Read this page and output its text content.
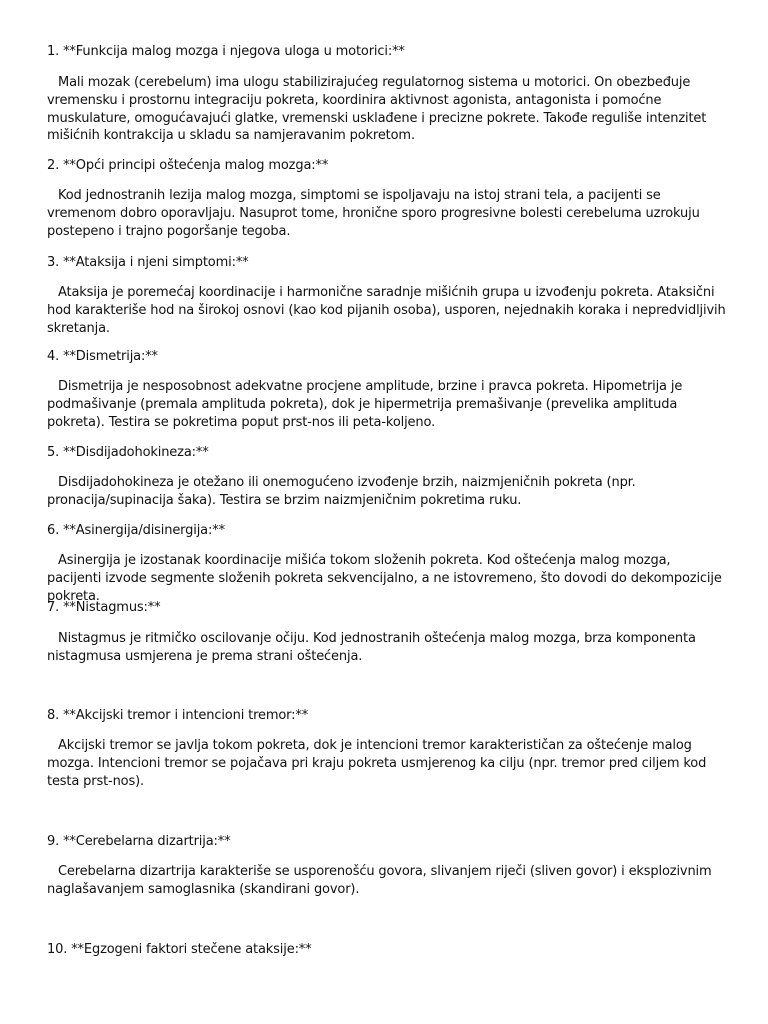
1. **Funkcija malog mozga i njegova uloga u motorici:**

Mali mozak (cerebelum) ima ulogu stabilizirajućeg regulatornog sistema u motorici. On obezbeđuje vremensku i prostornu integraciju pokreta, koordinira aktivnost agonista, antagonista i pomoćne muskulature, omogućavajući glatke, vremenski usklađene i precizne pokrete. Takođe reguliše intenzitet mišićnih kontrakcija u skladu sa namjeravanim pokretom.

2. **Opći principi oštećenja malog mozga:**

Kod jednostranih lezija malog mozga, simptomi se ispoljavaju na istoj strani tela, a pacijenti se vremenom dobro oporavljaju. Nasuprot tome, hronične sporo progresivne bolesti cerebeluma uzrokuju postepeno i trajno pogoršanje tegoba.

3. **Ataksija i njeni simptomi:**

Ataksija je poremećaj koordinacije i harmonične saradnje mišićnih grupa u izvođenju pokreta. Ataksični hod karakteriše hod na širokoj osnovi (kao kod pijanih osoba), usporen, nejednakih koraka i nepredvidljivih skretanja.

4. **Dismetrija:**

Dismetrija je nesposobnost adekvatne procjene amplitude, brzine i pravca pokreta. Hipometrija je podmašivanje (premala amplituda pokreta), dok je hipermetrija premašivanje (prevelika amplituda pokreta). Testira se pokretima poput prst-nos ili peta-koljeno.

5. **Disdijadohokineza:**

Disdijadohokineza je otežano ili onemogućeno izvođenje brzih, naizmjeničnih pokreta (npr. pronacija/supinacija šaka). Testira se brzim naizmjeničnim pokretima ruku.

6. **Asinergija/disinergija:**

Asinergija je izostanak koordinacije mišića tokom složenih pokreta. Kod oštećenja malog mozga, pacijenti izvode segmente složenih pokreta sekvencijalno, a ne istovremeno, što dovodi do dekompozicije pokreta.

7. **Nistagmus:**

Nistagmus je ritmičko oscilovanje očiju. Kod jednostranih oštećenja malog mozga, brza komponenta nistagmusa usmjerena je prema strani oštećenja.

8. **Akcijski tremor i intencioni tremor:**

Akcijski tremor se javlja tokom pokreta, dok je intencioni tremor karakterističan za oštećenje malog mozga. Intencioni tremor se pojačava pri kraju pokreta usmjerenog ka cilju (npr. tremor pred ciljem kod testa prst-nos).

9. **Cerebelarna dizartrija:**

Cerebelarna dizartrija karakteriše se usporenošću govora, slivanjem riječi (sliven govor) i eksplozivnim naglašavanjem samoglasnika (skandirani govor).

10. **Egzogeni faktori stečene ataksije:**
